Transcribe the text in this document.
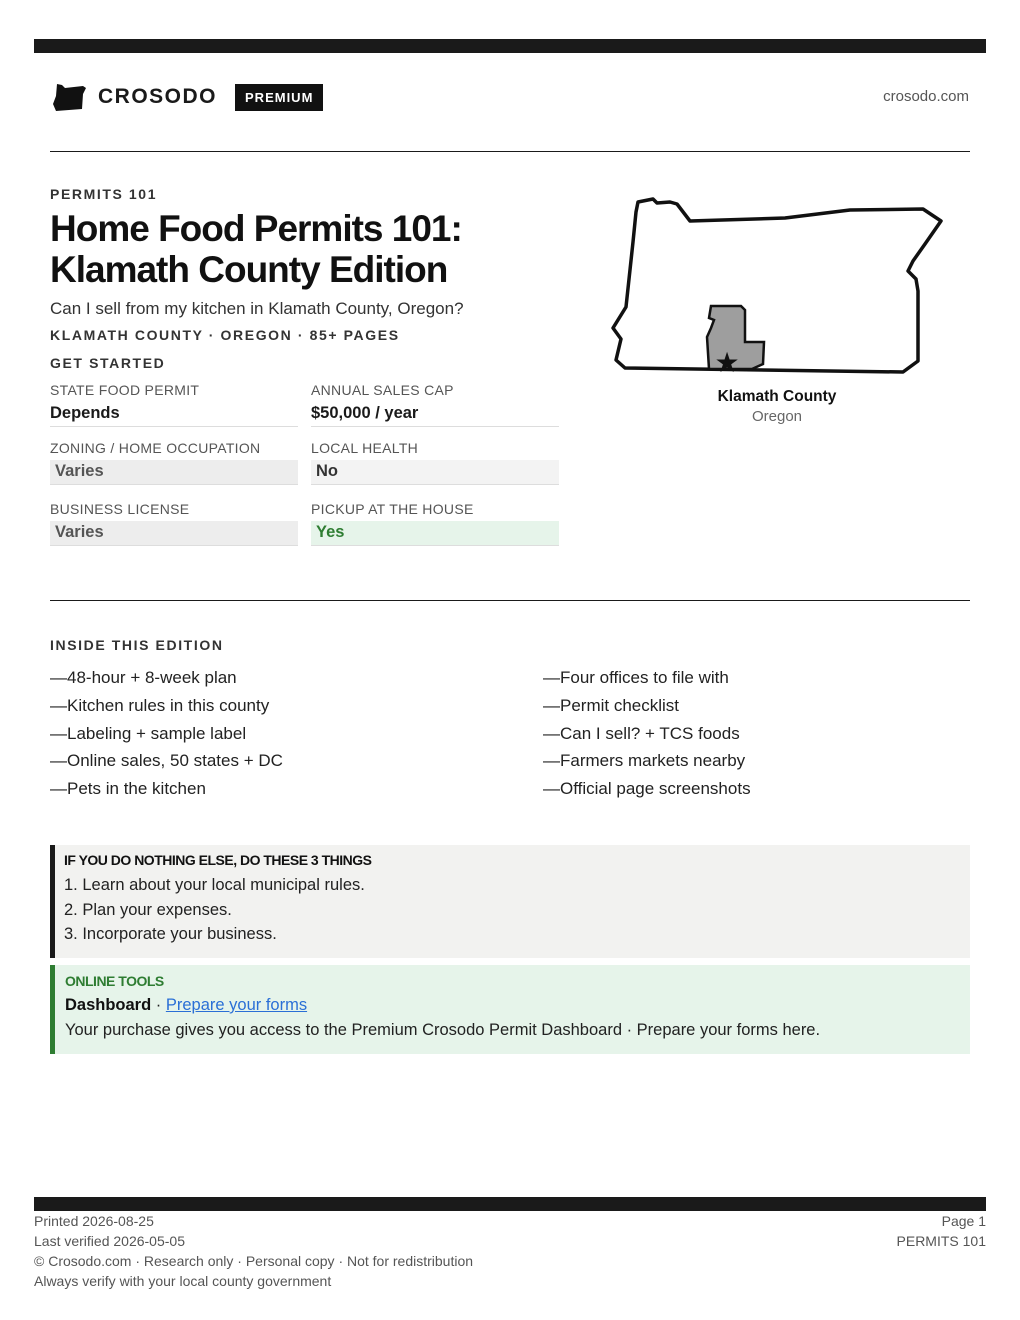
CROSODO	PREMIUM	crosodo.com
PERMITS 101
Home Food Permits 101: Klamath County Edition
Can I sell from my kitchen in Klamath County, Oregon?
KLAMATH COUNTY · OREGON · 85+ PAGES
GET STARTED
STATE FOOD PERMIT
Depends
ANNUAL SALES CAP
$50,000 / year
ZONING / HOME OCCUPATION
Varies
LOCAL HEALTH
No
BUSINESS LICENSE
Varies
PICKUP AT THE HOUSE
Yes
★
Klamath County
Oregon
INSIDE THIS EDITION
—48-hour + 8-week plan
—Kitchen rules in this county
—Labeling + sample label
—Online sales, 50 states + DC
—Pets in the kitchen
—Four offices to file with
—Permit checklist
—Can I sell? + TCS foods
—Farmers markets nearby
—Official page screenshots
IF YOU DO NOTHING ELSE, DO THESE 3 THINGS
1. Learn about your local municipal rules.
2. Plan your expenses.
3. Incorporate your business.
ONLINE TOOLS
Dashboard · Prepare your forms
Your purchase gives you access to the Premium Crosodo Permit Dashboard · Prepare your forms here.
Printed 2026-08-25
Last verified 2026-05-05
© Crosodo.com · Research only · Personal copy · Not for redistribution
Always verify with your local county government
Page 1
PERMITS 101
